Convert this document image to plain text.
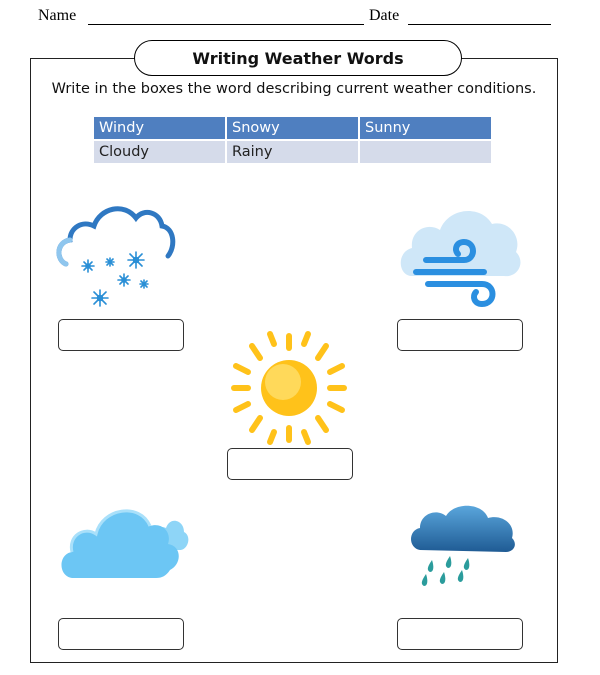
Name	Date
Writing Weather Words
Write in the boxes the word describing current weather conditions.
Windy	Snowy	Sunny
Cloudy	Rainy	
